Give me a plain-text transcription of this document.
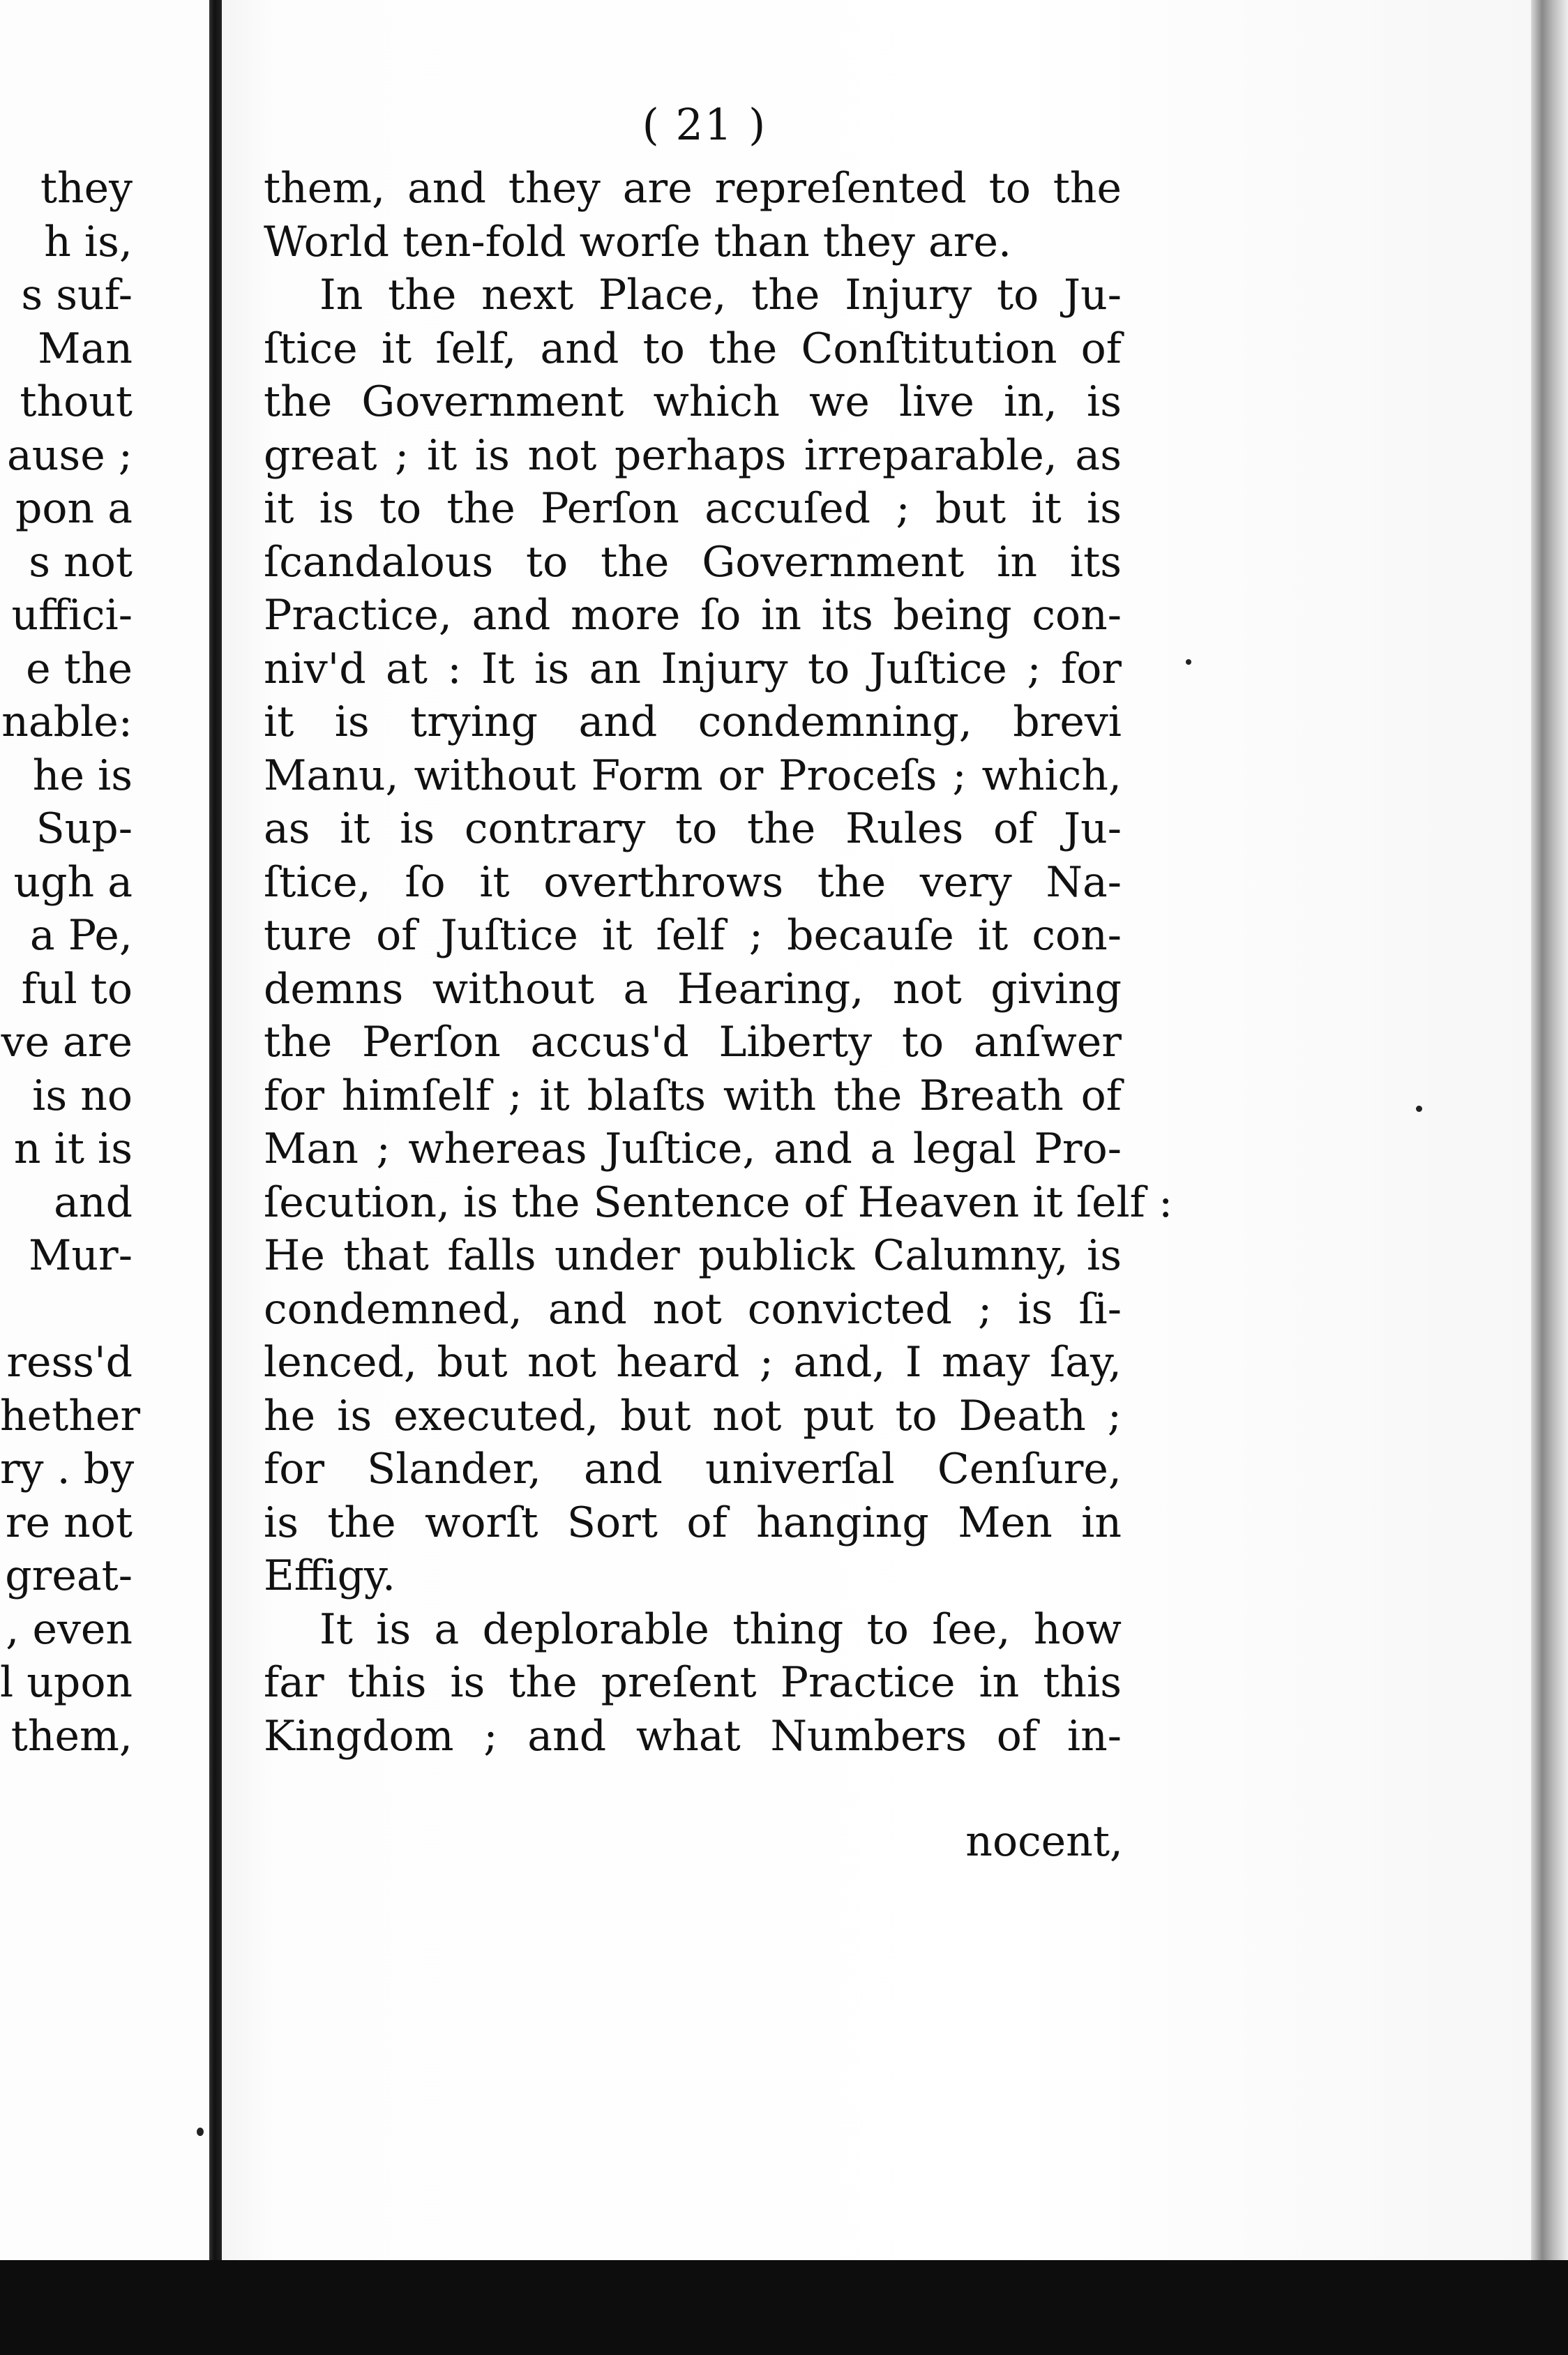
they
h is,
s suf-
Man
thout
ause ;
pon a
s not
uffici-
e the
nable:
he is
Sup-
ugh a
a Pe,
ful to
ve are
is no
n it is
and
Mur-
ress'd
hether
ry . by
re not
great-
, even
l upon
them,
( 21 )
them, and they are repreſented to the
World ten-fold worſe than they are.
In the next Place, the Injury to Ju-
ſtice it ſelf, and to the Conſtitution of
the Government which we live in, is
great ; it is not perhaps irreparable, as
it is to the Perſon accuſed ; but it is
ſcandalous to the Government in its
Practice, and more ſo in its being con-
niv'd at : It is an Injury to Juſtice ; for
it is trying and condemning, brevi
Manu, without Form or Proceſs ; which,
as it is contrary to the Rules of Ju-
ſtice, ſo it overthrows the very Na-
ture of Juſtice it ſelf ; becauſe it con-
demns without a Hearing, not giving
the Perſon accus'd Liberty to anſwer
for himſelf ; it blaſts with the Breath of
Man ; whereas Juſtice, and a legal Pro-
ſecution, is the Sentence of Heaven it ſelf :
He that falls under publick Calumny, is
condemned, and not convicted ; is ſi-
lenced, but not heard ; and, I may ſay,
he is executed, but not put to Death ;
for Slander, and univerſal Cenſure,
is the worſt Sort of hanging Men in
Effigy.
It is a deplorable thing to ſee, how
far this is the preſent Practice in this
Kingdom ; and what Numbers of in-
nocent,
